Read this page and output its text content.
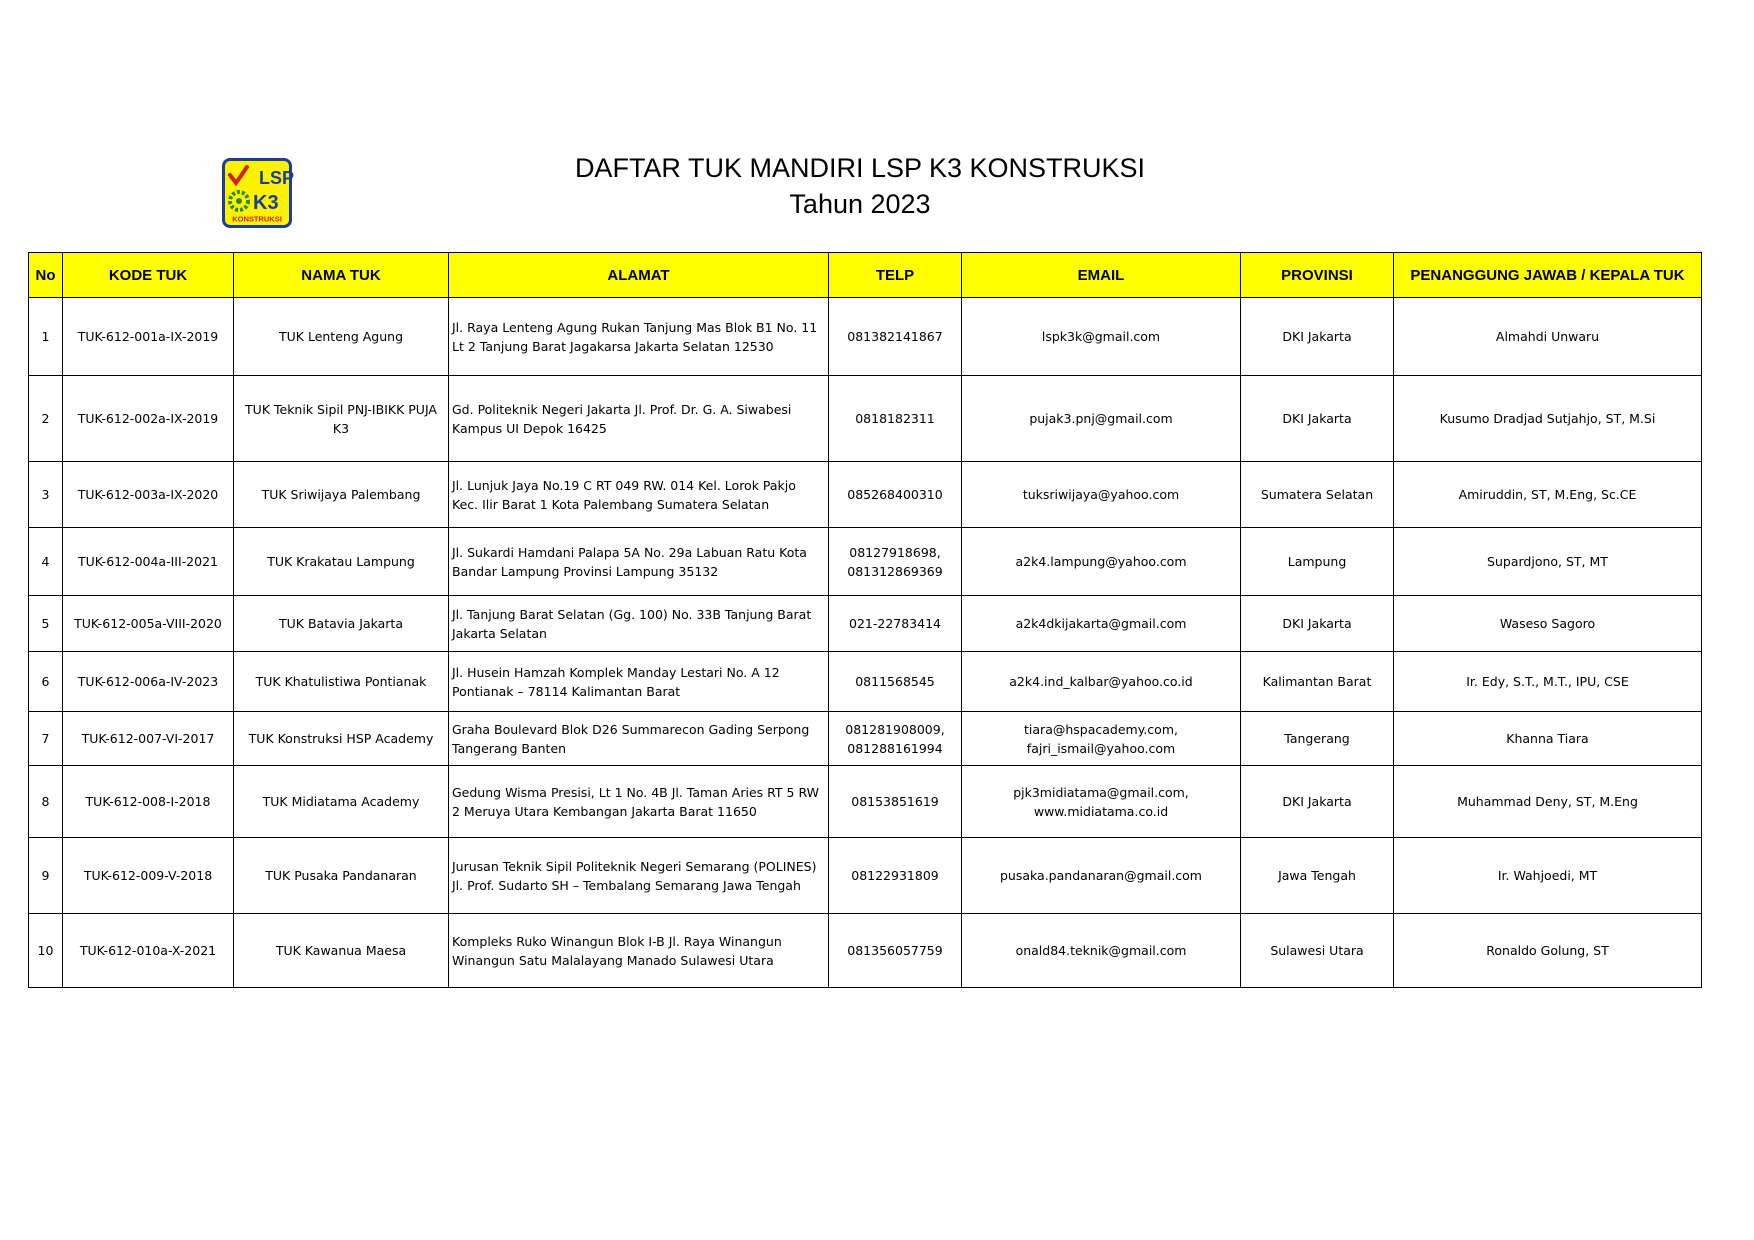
LSP
K3
KONSTRUKSI
DAFTAR TUK MANDIRI LSP K3 KONSTRUKSI
Tahun 2023
No	KODE TUK	NAMA TUK	ALAMAT	TELP	EMAIL	PROVINSI	PENANGGUNG JAWAB / KEPALA TUK
1	TUK-612-001a-IX-2019	TUK Lenteng Agung	Jl. Raya Lenteng Agung Rukan Tanjung Mas Blok B1 No. 11 Lt 2 Tanjung Barat Jagakarsa Jakarta Selatan 12530	081382141867	lspk3k@gmail.com	DKI Jakarta	Almahdi Unwaru
2	TUK-612-002a-IX-2019	TUK Teknik Sipil PNJ-IBIKK PUJA K3	Gd. Politeknik Negeri Jakarta Jl. Prof. Dr. G. A. Siwabesi Kampus UI Depok 16425	0818182311	pujak3.pnj@gmail.com	DKI Jakarta	Kusumo Dradjad Sutjahjo, ST, M.Si
3	TUK-612-003a-IX-2020	TUK Sriwijaya Palembang	Jl. Lunjuk Jaya No.19 C RT 049 RW. 014 Kel. Lorok Pakjo Kec. Ilir Barat 1 Kota Palembang Sumatera Selatan	085268400310	tuksriwijaya@yahoo.com	Sumatera Selatan	Amiruddin, ST, M.Eng, Sc.CE
4	TUK-612-004a-III-2021	TUK Krakatau Lampung	Jl. Sukardi Hamdani Palapa 5A No. 29a Labuan Ratu Kota Bandar Lampung Provinsi Lampung 35132	08127918698, 081312869369	a2k4.lampung@yahoo.com	Lampung	Supardjono, ST, MT
5	TUK-612-005a-VIII-2020	TUK Batavia Jakarta	Jl. Tanjung Barat Selatan (Gg. 100) No. 33B Tanjung Barat Jakarta Selatan	021-22783414	a2k4dkijakarta@gmail.com	DKI Jakarta	Waseso Sagoro
6	TUK-612-006a-IV-2023	TUK Khatulistiwa Pontianak	Jl. Husein Hamzah Komplek Manday Lestari No. A 12 Pontianak – 78114 Kalimantan Barat	0811568545	a2k4.ind_kalbar@yahoo.co.id	Kalimantan Barat	Ir. Edy, S.T., M.T., IPU, CSE
7	TUK-612-007-VI-2017	TUK Konstruksi HSP Academy	Graha Boulevard Blok D26 Summarecon Gading Serpong Tangerang Banten	081281908009, 081288161994	tiara@hspacademy.com, fajri_ismail@yahoo.com	Tangerang	Khanna Tiara
8	TUK-612-008-I-2018	TUK Midiatama Academy	Gedung Wisma Presisi, Lt 1 No. 4B Jl. Taman Aries RT 5 RW 2 Meruya Utara Kembangan Jakarta Barat 11650	08153851619	pjk3midiatama@gmail.com, www.midiatama.co.id	DKI Jakarta	Muhammad Deny, ST, M.Eng
9	TUK-612-009-V-2018	TUK Pusaka Pandanaran	Jurusan Teknik Sipil Politeknik Negeri Semarang (POLINES) Jl. Prof. Sudarto SH – Tembalang Semarang Jawa Tengah	08122931809	pusaka.pandanaran@gmail.com	Jawa Tengah	Ir. Wahjoedi, MT
10	TUK-612-010a-X-2021	TUK Kawanua Maesa	Kompleks Ruko Winangun Blok I-B Jl. Raya Winangun Winangun Satu Malalayang Manado Sulawesi Utara	081356057759	onald84.teknik@gmail.com	Sulawesi Utara	Ronaldo Golung, ST
